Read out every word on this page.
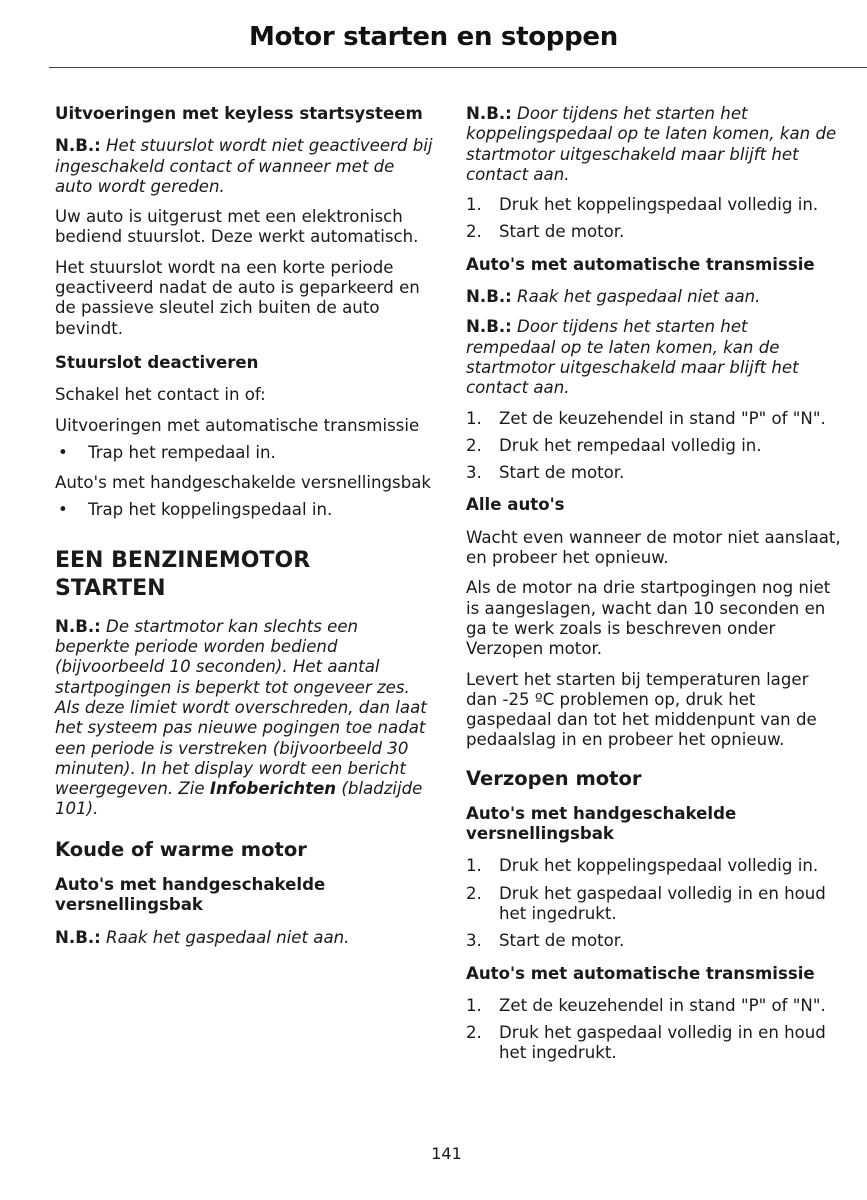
Motor starten en stoppen
Uitvoeringen met keyless startsysteem

N.B.: Het stuurslot wordt niet geactiveerd bij ingeschakeld contact of wanneer met de auto wordt gereden.

Uw auto is uitgerust met een elektronisch bediend stuurslot. Deze werkt automatisch.

Het stuurslot wordt na een korte periode geactiveerd nadat de auto is geparkeerd en de passieve sleutel zich buiten de auto bevindt.

Stuurslot deactiveren

Schakel het contact in of:

Uitvoeringen met automatische transmissie

• Trap het rempedaal in.

Auto's met handgeschakelde versnellingsbak

• Trap het koppelingspedaal in.
EEN BENZINEMOTOR
STARTEN

N.B.: De startmotor kan slechts een beperkte periode worden bediend (bijvoorbeeld 10 seconden). Het aantal startpogingen is beperkt tot ongeveer zes. Als deze limiet wordt overschreden, dan laat het systeem pas nieuwe pogingen toe nadat een periode is verstreken (bijvoorbeeld 30 minuten). In het display wordt een bericht weergegeven. Zie Infoberichten (bladzijde 101).

Koude of warme motor
Auto's met handgeschakelde versnellingsbak

N.B.: Raak het gaspedaal niet aan.

N.B.: Door tijdens het starten het koppelingspedaal op te laten komen, kan de startmotor uitgeschakeld maar blijft het contact aan.

1. Druk het koppelingspedaal volledig in.
2. Start de motor.
Auto's met automatische transmissie

N.B.: Raak het gaspedaal niet aan.

N.B.: Door tijdens het starten het rempedaal op te laten komen, kan de startmotor uitgeschakeld maar blijft het contact aan.

1. Zet de keuzehendel in stand "P" of "N".
2. Druk het rempedaal volledig in.
3. Start de motor.
Alle auto's

Wacht even wanneer de motor niet aanslaat, en probeer het opnieuw.

Als de motor na drie startpogingen nog niet is aangeslagen, wacht dan 10 seconden en ga te werk zoals is beschreven onder Verzopen motor.

Levert het starten bij temperaturen lager dan -25 ºC problemen op, druk het gaspedaal dan tot het middenpunt van de pedaalslag in en probeer het opnieuw.

Verzopen motor
Auto's met handgeschakelde versnellingsbak
1. Druk het koppelingspedaal volledig in.
2. Druk het gaspedaal volledig in en houd het ingedrukt.
3. Start de motor.
Auto's met automatische transmissie
1. Zet de keuzehendel in stand "P" of "N".
2. Druk het gaspedaal volledig in en houd het ingedrukt.
141
